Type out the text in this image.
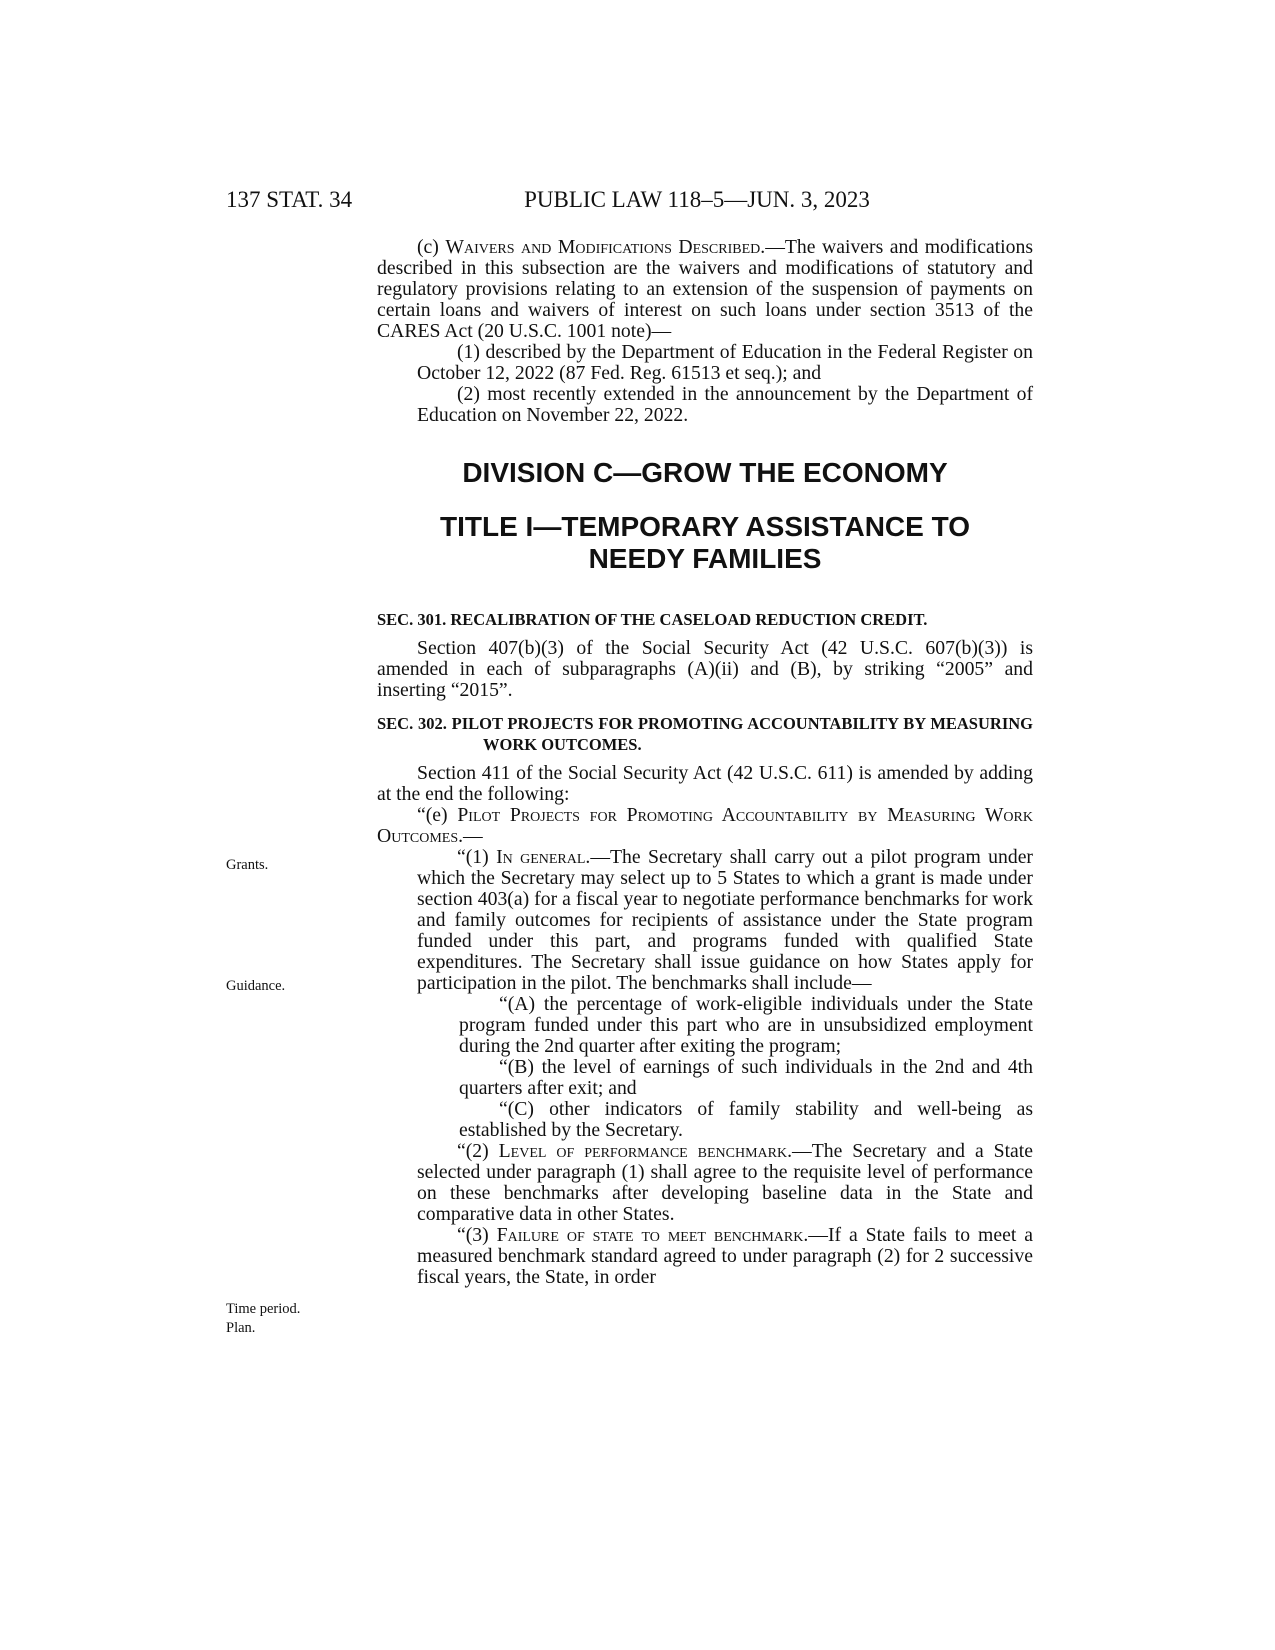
137 STAT. 34	PUBLIC LAW 118–5—JUN. 3, 2023
Grants.
Guidance.
Time period.
Plan.

(c) Waivers and Modifications Described.—The waivers and modifications described in this subsection are the waivers and modifications of statutory and regulatory provisions relating to an extension of the suspension of payments on certain loans and waivers of interest on such loans under section 3513 of the CARES Act (20 U.S.C. 1001 note)—

(1) described by the Department of Education in the Federal Register on October 12, 2022 (87 Fed. Reg. 61513 et seq.); and

(2) most recently extended in the announcement by the Department of Education on November 22, 2022.

DIVISION C—GROW THE ECONOMY
TITLE I—TEMPORARY ASSISTANCE TO NEEDY FAMILIES

SEC. 301. RECALIBRATION OF THE CASELOAD REDUCTION CREDIT.

Section 407(b)(3) of the Social Security Act (42 U.S.C. 607(b)(3)) is amended in each of subparagraphs (A)(ii) and (B), by striking “2005” and inserting “2015”.

SEC. 302. PILOT PROJECTS FOR PROMOTING ACCOUNTABILITY BY MEASURING WORK OUTCOMES.

Section 411 of the Social Security Act (42 U.S.C. 611) is amended by adding at the end the following:

“(e) Pilot Projects for Promoting Accountability by Measuring Work Outcomes.—

“(1) In general.—The Secretary shall carry out a pilot program under which the Secretary may select up to 5 States to which a grant is made under section 403(a) for a fiscal year to negotiate performance benchmarks for work and family outcomes for recipients of assistance under the State program funded under this part, and programs funded with qualified State expenditures. The Secretary shall issue guidance on how States apply for participation in the pilot. The benchmarks shall include—

“(A) the percentage of work-eligible individuals under the State program funded under this part who are in unsubsidized employment during the 2nd quarter after exiting the program;

“(B) the level of earnings of such individuals in the 2nd and 4th quarters after exit; and

“(C) other indicators of family stability and well-being as established by the Secretary.

“(2) Level of performance benchmark.—The Secretary and a State selected under paragraph (1) shall agree to the requisite level of performance on these benchmarks after developing baseline data in the State and comparative data in other States.

“(3) Failure of state to meet benchmark.—If a State fails to meet a measured benchmark standard agreed to under paragraph (2) for 2 successive fiscal years, the State, in order
